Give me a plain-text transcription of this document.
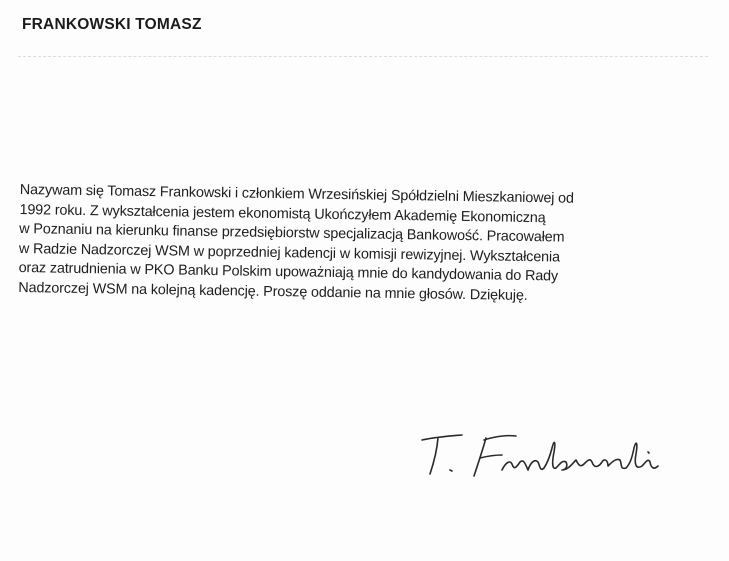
FRANKOWSKI TOMASZ
Nazywam się Tomasz Frankowski i członkiem Wrzesińskiej Spółdzielni Mieszkaniowej od
1992 roku. Z wykształcenia jestem ekonomistą Ukończyłem Akademię Ekonomiczną
w Poznaniu na kierunku finanse przedsiębiorstw specjalizacją Bankowość. Pracowałem
w Radzie Nadzorczej WSM w poprzedniej kadencji w komisji rewizyjnej. Wykształcenia
oraz zatrudnienia w PKO Banku Polskim upoważniają mnie do kandydowania do Rady
Nadzorczej WSM na kolejną kadencję. Proszę oddanie na mnie głosów. Dziękuję.
